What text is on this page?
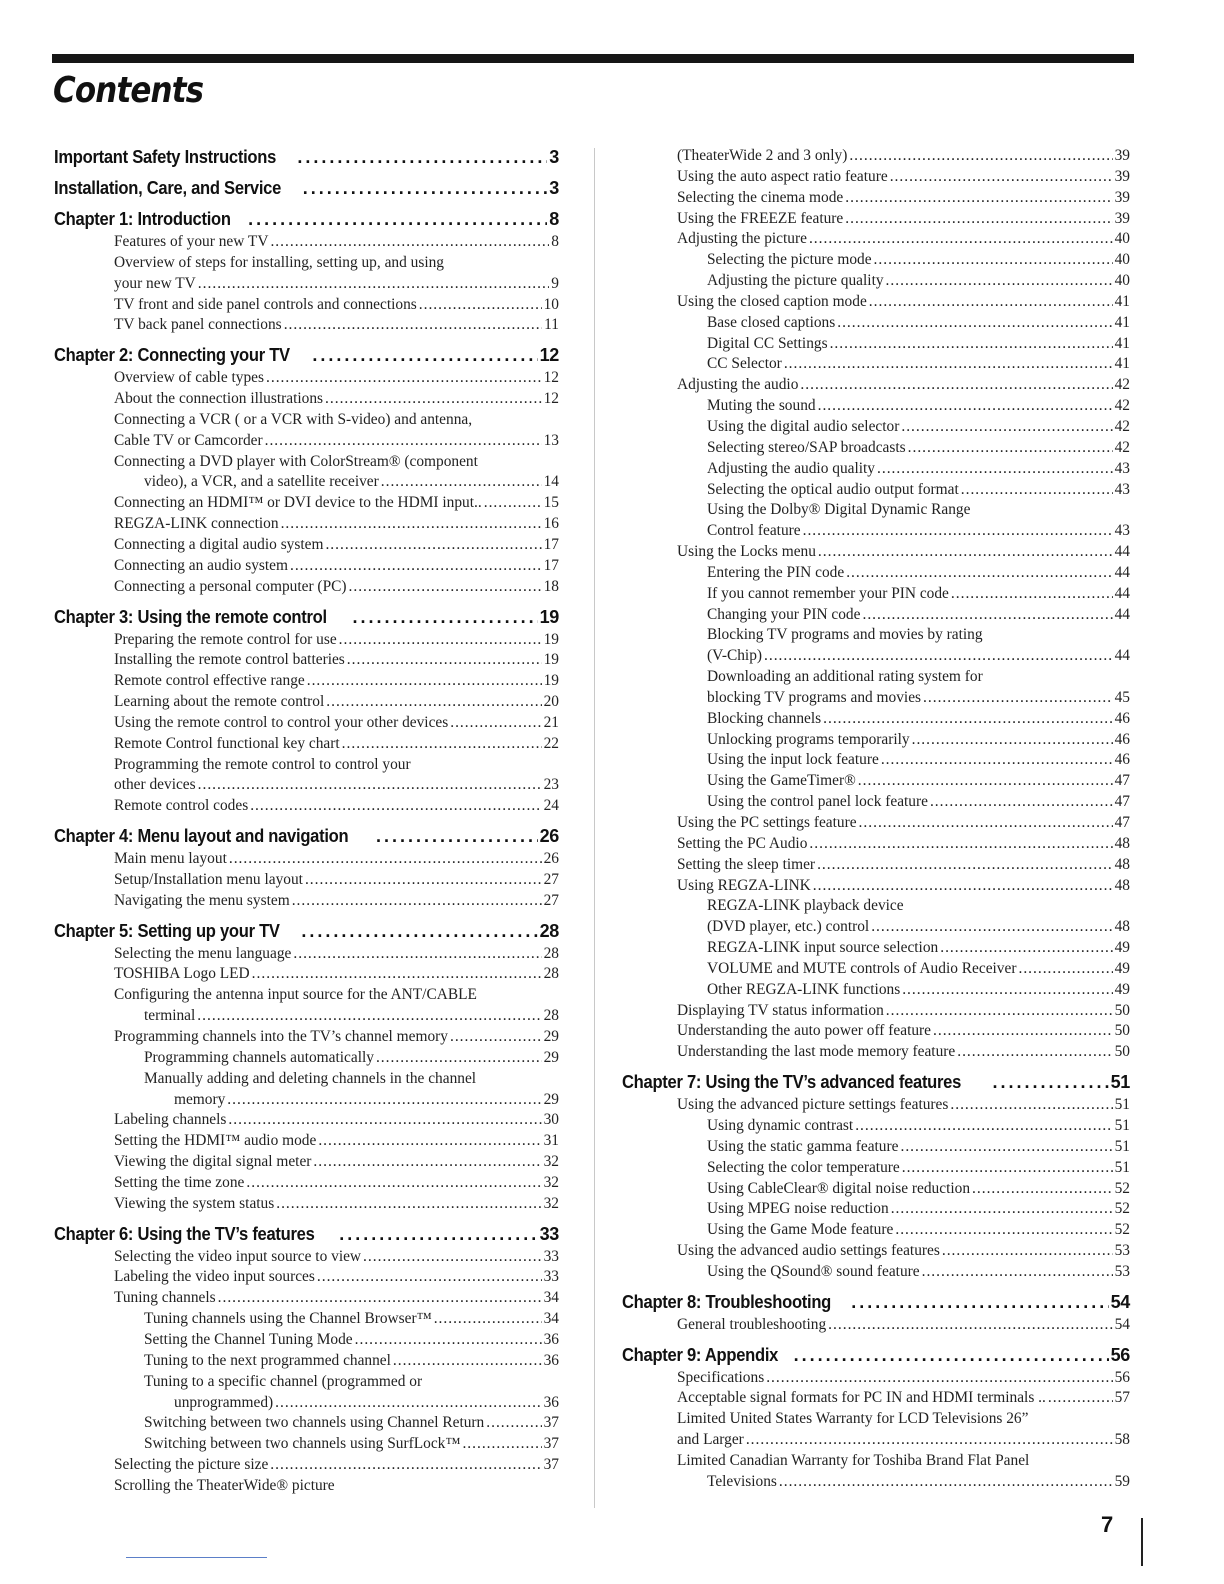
Contents
Important Safety Instructions .....	3
Installation, Care, and Service .....	3
Chapter 1: Introduction .....	8
Features of your new TV .....	8
Overview of steps for installing, setting up, and using
your new TV .....	9
TV front and side panel controls and connections .....	10
TV back panel connections .....	11
Chapter 2: Connecting your TV .....	12
Overview of cable types .....	12
About the connection illustrations .....	12
Connecting a VCR ( or a VCR with S-video) and antenna,
Cable TV or Camcorder .....	13
Connecting a DVD player with ColorStream® (component
video), a VCR, and a satellite receiver .....	14
Connecting an HDMI™ or DVI device to the HDMI input.. .....	15
REGZA-LINK connection .....	16
Connecting a digital audio system .....	17
Connecting an audio system .....	17
Connecting a personal computer (PC) .....	18
Chapter 3: Using the remote control .....	19
Preparing the remote control for use .....	19
Installing the remote control batteries .....	19
Remote control effective range .....	19
Learning about the remote control .....	20
Using the remote control to control your other devices .....	21
Remote Control functional key chart .....	22
Programming the remote control to control your
other devices .....	23
Remote control codes .....	24
Chapter 4: Menu layout and navigation .....	26
Main menu layout .....	26
Setup/Installation menu layout .....	27
Navigating the menu system .....	27
Chapter 5: Setting up your TV .....	28
Selecting the menu language .....	28
TOSHIBA Logo LED .....	28
Configuring the antenna input source for the ANT/CABLE
terminal .....	28
Programming channels into the TV’s channel memory .....	29
Programming channels automatically .....	29
Manually adding and deleting channels in the channel
memory .....	29
Labeling channels .....	30
Setting the HDMI™ audio mode .....	31
Viewing the digital signal meter .....	32
Setting the time zone .....	32
Viewing the system status .....	32
Chapter 6: Using the TV’s features .....	33
Selecting the video input source to view .....	33
Labeling the video input sources .....	33
Tuning channels .....	34
Tuning channels using the Channel Browser™ .....	34
Setting the Channel Tuning Mode .....	36
Tuning to the next programmed channel .....	36
Tuning to a specific channel (programmed or
unprogrammed) .....	36
Switching between two channels using Channel Return .....	37
Switching between two channels using SurfLock™ .....	37
Selecting the picture size .....	37
Scrolling the TheaterWide® picture
(TheaterWide 2 and 3 only) .....	39
Using the auto aspect ratio feature .....	39
Selecting the cinema mode .....	39
Using the FREEZE feature .....	39
Adjusting the picture .....	40
Selecting the picture mode .....	40
Adjusting the picture quality .....	40
Using the closed caption mode .....	41
Base closed captions .....	41
Digital CC Settings .....	41
CC Selector .....	41
Adjusting the audio .....	42
Muting the sound .....	42
Using the digital audio selector .....	42
Selecting stereo/SAP broadcasts .....	42
Adjusting the audio quality .....	43
Selecting the optical audio output format .....	43
Using the Dolby® Digital Dynamic Range
Control feature .....	43
Using the Locks menu .....	44
Entering the PIN code .....	44
If you cannot remember your PIN code .....	44
Changing your PIN code .....	44
Blocking TV programs and movies by rating
(V-Chip) .....	44
Downloading an additional rating system for
blocking TV programs and movies .....	45
Blocking channels .....	46
Unlocking programs temporarily .....	46
Using the input lock feature .....	46
Using the GameTimer® .....	47
Using the control panel lock feature .....	47
Using the PC settings feature .....	47
Setting the PC Audio .....	48
Setting the sleep timer .....	48
Using REGZA-LINK .....	48
REGZA-LINK playback device
(DVD player, etc.) control .....	48
REGZA-LINK input source selection .....	49
VOLUME and MUTE controls of Audio Receiver .....	49
Other REGZA-LINK functions .....	49
Displaying TV status information .....	50
Understanding the auto power off feature .....	50
Understanding the last mode memory feature .....	50
Chapter 7: Using the TV’s advanced features .....	51
Using the advanced picture settings features .....	51
Using dynamic contrast .....	51
Using the static gamma feature .....	51
Selecting the color temperature .....	51
Using CableClear® digital noise reduction .....	52
Using MPEG noise reduction .....	52
Using the Game Mode feature .....	52
Using the advanced audio settings features .....	53
Using the QSound® sound feature .....	53
Chapter 8: Troubleshooting .....	54
General troubleshooting .....	54
Chapter 9: Appendix .....	56
Specifications .....	56
Acceptable signal formats for PC IN and HDMI terminals .. .....	57
Limited United States Warranty for LCD Televisions 26”
and Larger .....	58
Limited Canadian Warranty for Toshiba Brand Flat Panel
Televisions .....	59
7
